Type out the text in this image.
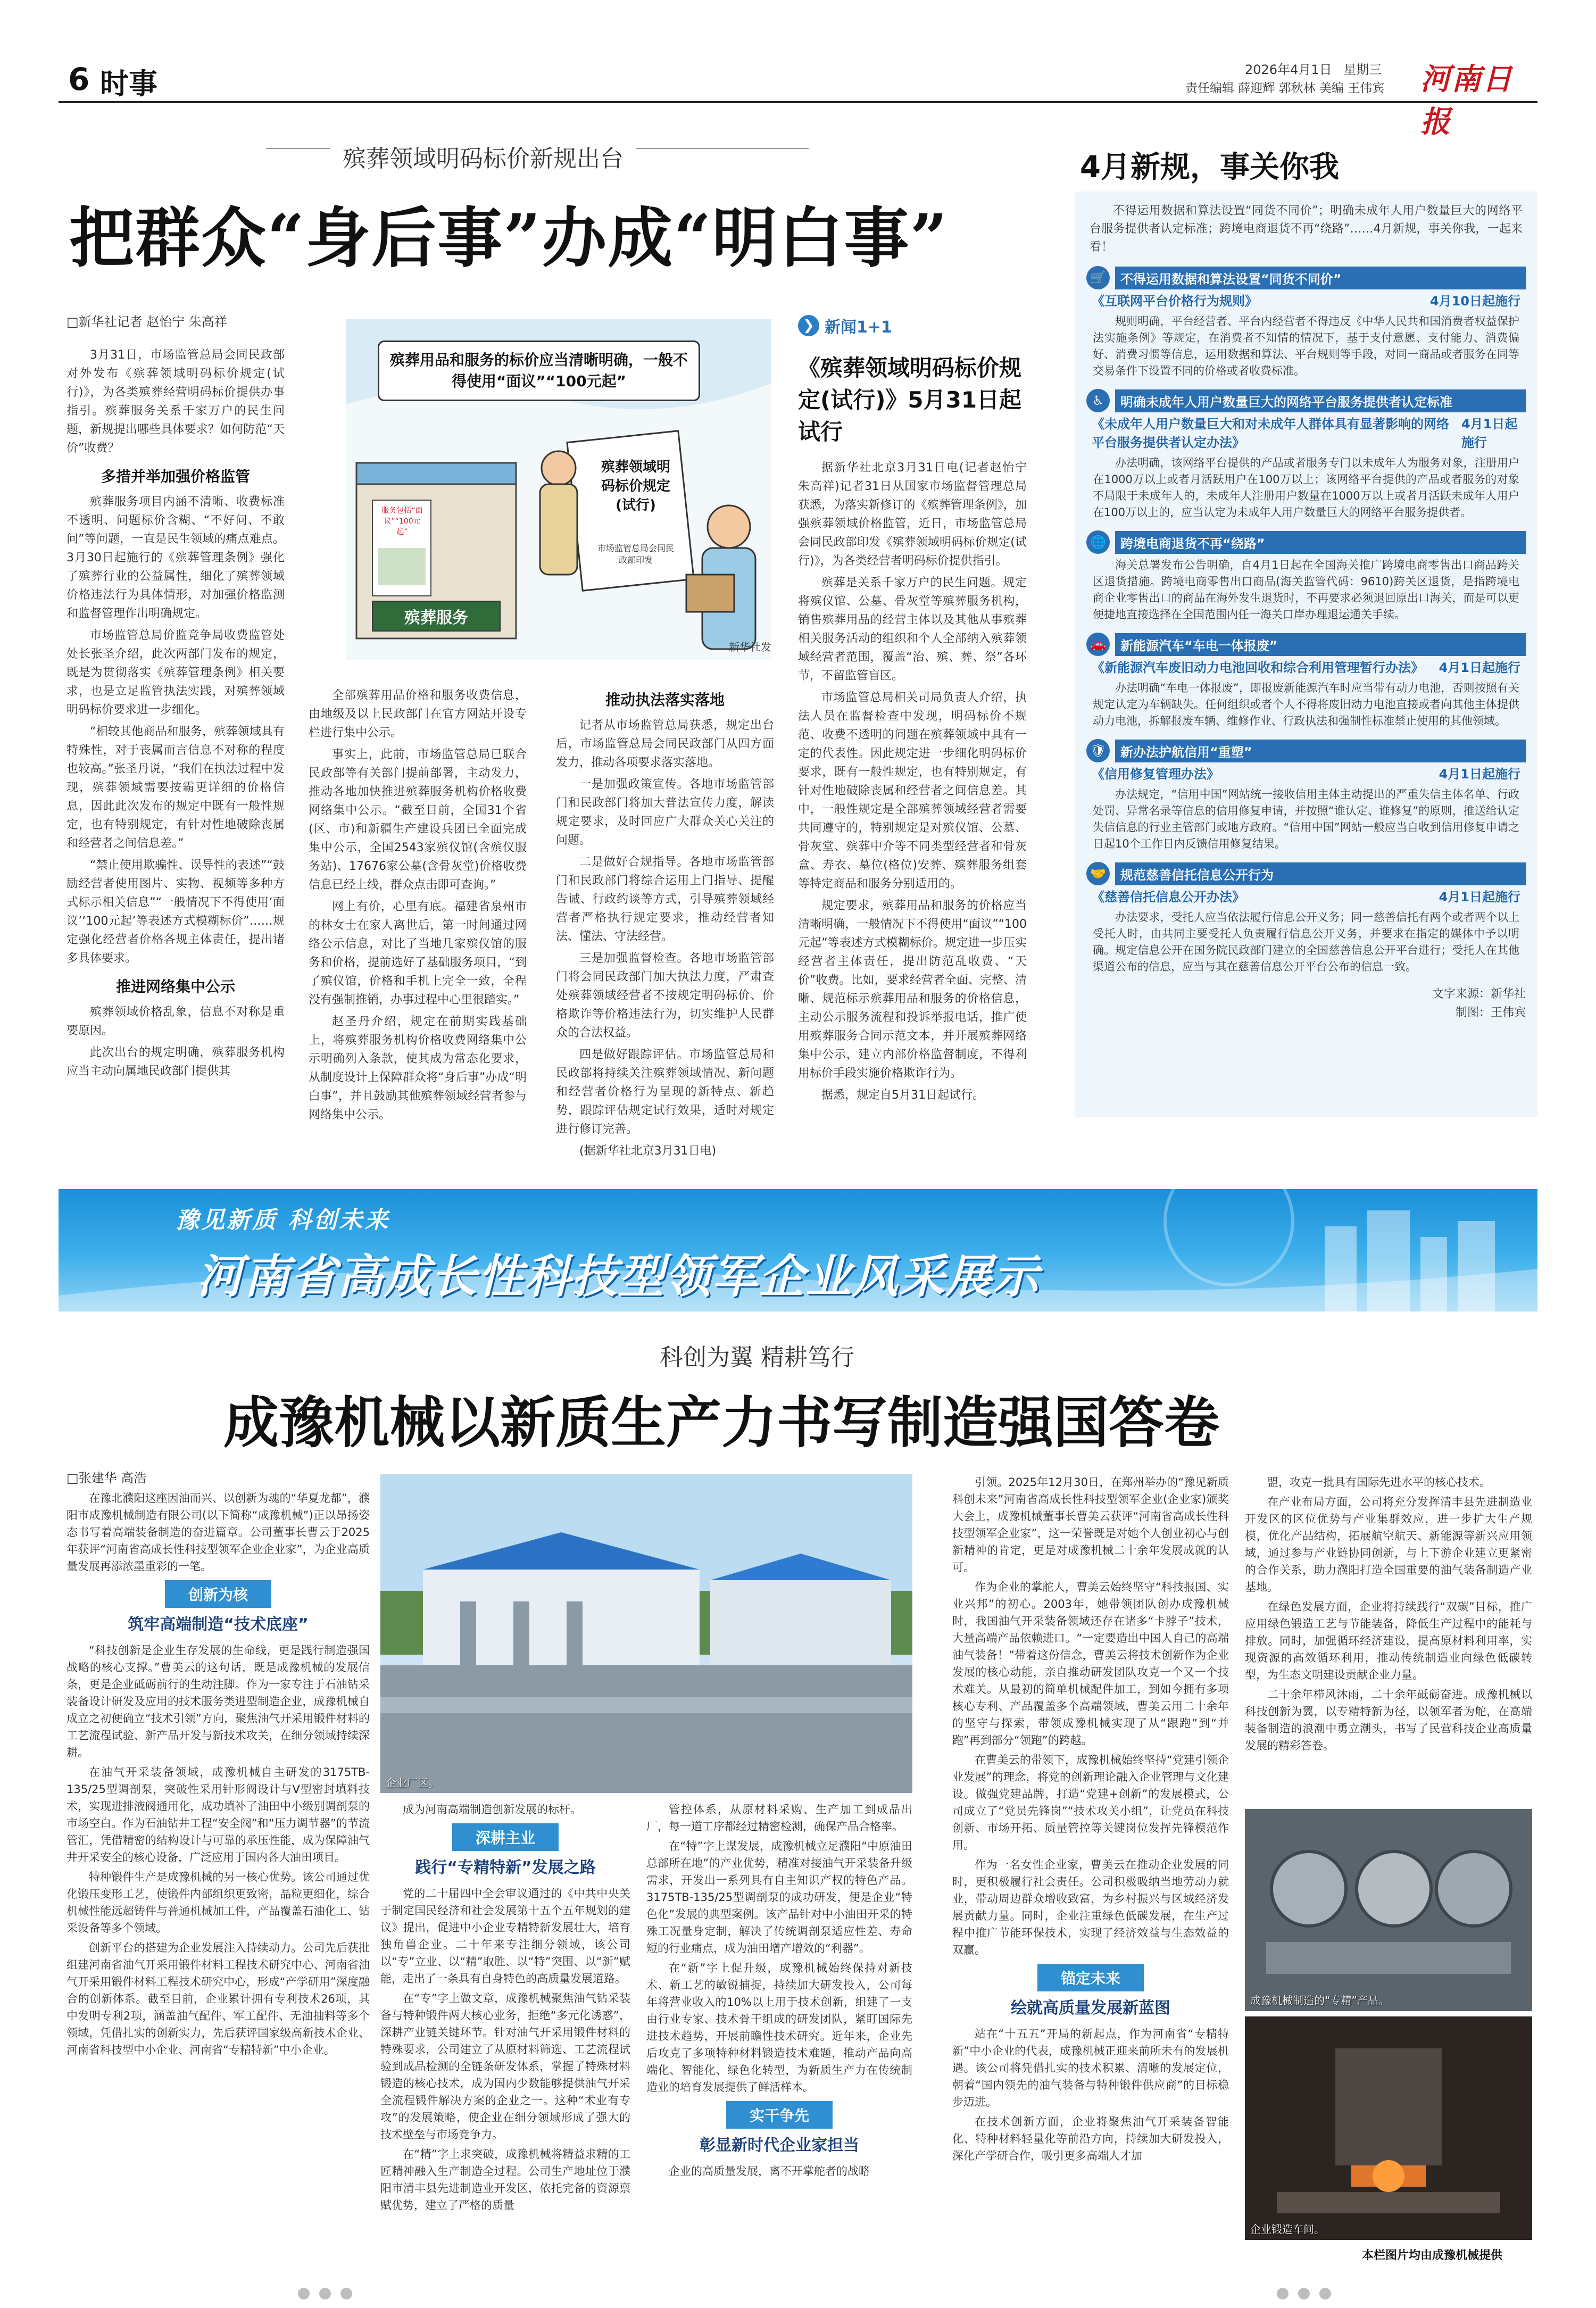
6 时事	2026年4月1日 星期三
责任编辑 薛迎辉 郭秋林 美编 王伟宾 河南日报
殡葬领域明码标价新规出台
把群众“身后事”办成“明白事”
□新华社记者 赵怡宁 朱高祥

3月31日，市场监管总局会同民政部对外发布《殡葬领域明码标价规定(试行)》，为各类殡葬经营明码标价提供办事指引。殡葬服务关系千家万户的民生问题，新规提出哪些具体要求？如何防范“天价”收费？

多措并举加强价格监管

殡葬服务项目内涵不清晰、收费标准不透明、问题标价含糊、“不好问、不敢问”等问题，一直是民生领域的痛点难点。3月30日起施行的《殡葬管理条例》强化了殡葬行业的公益属性，细化了殡葬领域价格违法行为具体情形，对加强价格监测和监督管理作出明确规定。

市场监管总局价监竞争局收费监管处处长张圣介绍，此次两部门发布的规定，既是为贯彻落实《殡葬管理条例》相关要求，也是立足监管执法实践，对殡葬领域明码标价要求进一步细化。

“相较其他商品和服务，殡葬领域具有特殊性，对于丧属而言信息不对称的程度也较高。”张圣丹说，“我们在执法过程中发现，殡葬领域需要按霸更详细的价格信息，因此此次发布的规定中既有一般性规定，也有特别规定，有针对性地破除丧属和经营者之间信息差。”

“禁止使用欺骗性、误导性的表述”“鼓励经营者使用图片、实物、视频等多种方式标示相关信息”“一般情况下不得使用‘面议’‘100元起’等表述方式模糊标价”……规定强化经营者价格各规主体责任，提出诸多具体要求。

推进网络集中公示

殡葬领域价格乱象，信息不对称是重要原因。

此次出台的规定明确，殡葬服务机构应当主动向属地民政部门提供其

全部殡葬用品价格和服务收费信息，由地级及以上民政部门在官方网站开设专栏进行集中公示。

事实上，此前，市场监管总局已联合民政部等有关部门提前部署，主动发力，推动各地加快推进殡葬服务机构价格收费网络集中公示。“截至目前，全国31个省(区、市)和新疆生产建设兵团已全面完成集中公示，全国2543家殡仪馆(含殡仪服务站)、17676家公墓(含骨灰堂)价格收费信息已经上线，群众点击即可查询。”

网上有价，心里有底。福建省泉州市的林女士在家人离世后，第一时间通过网络公示信息，对比了当地几家殡仪馆的服务和价格，提前选好了基础服务项目，“到了殡仪馆，价格和手机上完全一致，全程没有强制推销，办事过程中心里很踏实。”

赵圣丹介绍，规定在前期实践基础上，将殡葬服务机构价格收费网络集中公示明确列入条款，使其成为常态化要求，从制度设计上保障群众将“身后事”办成“明白事”，并且鼓励其他殡葬领域经营者参与网络集中公示。

推动执法落实落地

记者从市场监管总局获悉，规定出台后，市场监管总局会同民政部门从四方面发力，推动各项要求落实落地。

一是加强政策宣传。各地市场监管部门和民政部门将加大普法宣传力度，解读规定要求，及时回应广大群众关心关注的问题。

二是做好合规指导。各地市场监管部门和民政部门将综合运用上门指导、提醒告诫、行政约谈等方式，引导殡葬领域经营者严格执行规定要求，推动经营者知法、懂法、守法经营。

三是加强监督检查。各地市场监管部门将会同民政部门加大执法力度，严肃查处殡葬领域经营者不按规定明码标价、价格欺诈等价格违法行为，切实维护人民群众的合法权益。

四是做好跟踪评估。市场监管总局和民政部将持续关注殡葬领域情况、新问题和经营者价格行为呈现的新特点、新趋势，跟踪评估规定试行效果，适时对规定进行修订完善。

(据新华社北京3月31日电)

殡葬用品和服务的标价应当清晰明确，一般不得使用“面议”“100元起”
殡葬领域明码标价规定(试行)
市场监管总局会同民政部印发
殡葬服务
服务包括“面议”“100元起”
新华社发
❯ 新闻1+1
《殡葬领域明码标价规定(试行)》5月31日起试行

据新华社北京3月31日电(记者赵怡宁 朱高祥)记者31日从国家市场监督管理总局获悉，为落实新修订的《殡葬管理条例》，加强殡葬领域价格监管，近日，市场监管总局会同民政部印发《殡葬领域明码标价规定(试行)》，为各类经营者明码标价提供指引。

殡葬是关系千家万户的民生问题。规定将殡仪馆、公墓、骨灰堂等殡葬服务机构，销售殡葬用品的经营主体以及其他从事殡葬相关服务活动的组织和个人全部纳入殡葬领域经营者范围，覆盖“治、殡、葬、祭”各环节，不留监管盲区。

市场监管总局相关司局负责人介绍，执法人员在监督检查中发现，明码标价不规范、收费不透明的问题在殡葬领域中具有一定的代表性。因此规定进一步细化明码标价要求，既有一般性规定，也有特别规定，有针对性地破除丧属和经营者之间信息差。其中，一般性规定是全部殡葬领域经营者需要共同遵守的，特别规定是对殡仪馆、公墓、骨灰堂、殡葬中介等不同类型经营者和骨灰盒、寿衣、墓位(格位)安葬、殡葬服务组套等特定商品和服务分别适用的。

规定要求，殡葬用品和服务的价格应当清晰明确，一般情况下不得使用“面议”“100元起”等表述方式模糊标价。规定进一步压实经营者主体责任，提出防范乱收费、“天价”收费。比如，要求经营者全面、完整、清晰、规范标示殡葬用品和服务的价格信息，主动公示服务流程和投诉举报电话，推广使用殡葬服务合同示范文本，并开展殡葬网络集中公示，建立内部价格监督制度，不得利用标价手段实施价格欺诈行为。

据悉，规定自5月31日起试行。

4月新规，事关你我
不得运用数据和算法设置“同货不同价”；明确未成年人用户数量巨大的网络平台服务提供者认定标准；跨境电商退货不再“绕路”……4月新规，事关你我，一起来看！
🛒	不得运用数据和算法设置“同货不同价”
《互联网平台价格行为规则》	4月10日起施行
规则明确，平台经营者、平台内经营者不得违反《中华人民共和国消费者权益保护法实施条例》等规定，在消费者不知情的情况下，基于支付意愿、支付能力、消费偏好、消费习惯等信息，运用数据和算法、平台规则等手段，对同一商品或者服务在同等交易条件下设置不同的价格或者收费标准。
♿	明确未成年人用户数量巨大的网络平台服务提供者认定标准
《未成年人用户数量巨大和对未成年人群体具有显著影响的网络平台服务提供者认定办法》
4月1日起施行
办法明确，该网络平台提供的产品或者服务专门以未成年人为服务对象，注册用户在1000万以上或者月活跃用户在100万以上；该网络平台提供的产品或者服务的对象不局限于未成年人的，未成年人注册用户数量在1000万以上或者月活跃未成年人用户在100万以上的，应当认定为未成年人用户数量巨大的网络平台服务提供者。
🌐	跨境电商退货不再“绕路”
海关总署发布公告明确，自4月1日起在全国海关推广跨境电商零售出口商品跨关区退货措施。跨境电商零售出口商品(海关监管代码：9610)跨关区退货，是指跨境电商企业零售出口的商品在海外发生退货时，不再要求必须退回原出口海关，而是可以更便捷地直接选择在全国范围内任一海关口岸办理退运通关手续。
🚗	新能源汽车“车电一体报废”
《新能源汽车废旧动力电池回收和综合利用管理暂行办法》 4月1日起施行
办法明确“车电一体报废”，即报废新能源汽车时应当带有动力电池，否则按照有关规定认定为车辆缺失。任何组织或者个人不得将废旧动力电池直接或者向其他主体提供动力电池，拆解报废车辆、维修作业、行政执法和强制性标准禁止使用的其他领域。
🛡	新办法护航信用“重塑”
《信用修复管理办法》	4月1日起施行
办法规定，“信用中国”网站统一接收信用主体主动提出的严重失信主体名单、行政处罚、异常名录等信息的信用修复申请，并按照“谁认定、谁修复”的原则，推送给认定失信信息的行业主管部门或地方政府。“信用中国”网站一般应当自收到信用修复申请之日起10个工作日内反馈信用修复结果。
🤝	规范慈善信托信息公开行为
《慈善信托信息公开办法》	4月1日起施行
办法要求，受托人应当依法履行信息公开义务；同一慈善信托有两个或者两个以上受托人时，由共同主要受托人负责履行信息公开义务，并要求在指定的媒体中予以明确。规定信息公开在国务院民政部门建立的全国慈善信息公开平台进行；受托人在其他渠道公布的信息，应当与其在慈善信息公开平台公布的信息一致。
文字来源：新华社
制图：王伟宾
豫见新质 科创未来
河南省高成长性科技型领军企业风采展示
科创为翼 精耕笃行
成豫机械以新质生产力书写制造强国答卷
□张建华 高浩

在豫北濮阳这座因油而兴、以创新为魂的“华夏龙都”，濮阳市成豫机械制造有限公司(以下简称“成豫机械”)正以昂扬姿态书写着高端装备制造的奋进篇章。公司董事长曹云于2025年获评“河南省高成长性科技型领军企业企业家”，为企业高质量发展再添浓墨重彩的一笔。

创新为核
筑牢高端制造“技术底座”

“科技创新是企业生存发展的生命线，更是践行制造强国战略的核心支撑。”曹美云的这句话，既是成豫机械的发展信条，更是企业砥砺前行的生动注脚。作为一家专注于石油钻采装备设计研发及应用的技术服务类进型制造企业，成豫机械自成立之初便确立“技术引领”方向，聚焦油气开采用锻件材料的工艺流程试验、新产品开发与新技术攻关，在细分领域持续深耕。

在油气开采装备领域，成豫机械自主研发的3175TB-135/25型调剖泵，突破性采用针形阀设计与V型密封填料技术，实现进排液阀通用化，成功填补了油田中小级别调剖泵的市场空白。作为石油钻井工程“安全阀”和“压力调节器”的节流管汇，凭借精密的结构设计与可靠的承压性能，成为保障油气井开采安全的核心设备，广泛应用于国内各大油田项目。

特种锻件生产是成豫机械的另一核心优势。该公司通过优化锻压变形工艺，使锻件内部组织更致密，晶粒更细化，综合机械性能远超铸件与普通机械加工件，产品覆盖石油化工、钻采设备等多个领域。

创新平台的搭建为企业发展注入持续动力。公司先后获批组建河南省油气开采用锻件材料工程技术研究中心、河南省油气开采用锻件材料工程技术研究中心，形成“产学研用”深度融合的创新体系。截至目前，企业累计拥有专利技术26项，其中发明专利2项，涵盖油气配件、军工配件、无油抽料等多个领域，凭借扎实的创新实力，先后获评国家级高新技术企业、河南省科技型中小企业、河南省“专精特新”中小企业。

企业厂区。

成为河南高端制造创新发展的标杆。

深耕主业
践行“专精特新”发展之路

党的二十届四中全会审议通过的《中共中央关于制定国民经济和社会发展第十五个五年规划的建议》提出，促进中小企业专精特新发展壮大，培育独角兽企业。二十年来专注细分领域，该公司以“专”立业、以“精”取胜、以“特”突围、以“新”赋能，走出了一条具有自身特色的高质量发展道路。

在“专”字上做文章，成豫机械聚焦油气钻采装备与特种锻件两大核心业务，拒绝“多元化诱惑”，深耕产业链关键环节。针对油气开采用锻件材料的特殊要求，公司建立了从原材料筛选、工艺流程试验到成品检测的全链条研发体系，掌握了特殊材料锻造的核心技术，成为国内少数能够提供油气开采全流程锻件解决方案的企业之一。这种“术业有专攻”的发展策略，使企业在细分领域形成了强大的技术壁垒与市场竞争力。

在“精”字上求突破，成豫机械将精益求精的工匠精神融入生产制造全过程。公司生产地址位于濮阳市清丰县先进制造业开发区，依托完备的资源禀赋优势，建立了严格的质量

管控体系，从原材料采购、生产加工到成品出厂，每一道工序都经过精密检测，确保产品合格率。

在“特”字上谋发展，成豫机械立足濮阳“中原油田总部所在地”的产业优势，精准对接油气开采装备升级需求，开发出一系列具有自主知识产权的特色产品。3175TB-135/25型调剖泵的成功研发，便是企业“特色化”发展的典型案例。该产品针对中小油田开采的特殊工况量身定制，解决了传统调剖泵适应性差、寿命短的行业痛点，成为油田增产增效的“利器”。

在“新”字上促升级，成豫机械始终保持对新技术、新工艺的敏锐捕捉，持续加大研发投入，公司每年将营业收入的10%以上用于技术创新，组建了一支由行业专家、技术骨干组成的研发团队，紧盯国际先进技术趋势，开展前瞻性技术研究。近年来，企业先后攻克了多项特种材料锻造技术难题，推动产品向高端化、智能化、绿色化转型，为新质生产力在传统制造业的培育发展提供了鲜活样本。

实干争先
彰显新时代企业家担当

企业的高质量发展，离不开掌舵者的战略

引领。2025年12月30日，在郑州举办的“豫见新质 科创未来”河南省高成长性科技型领军企业(企业家)颁奖大会上，成豫机械董事长曹美云获评“河南省高成长性科技型领军企业家”，这一荣誉既是对她个人创业初心与创新精神的肯定，更是对成豫机械二十余年发展成就的认可。

作为企业的掌舵人，曹美云始终坚守“科技报国、实业兴邦”的初心。2003年，她带领团队创办成豫机械时，我国油气开采装备领域还存在诸多“卡脖子”技术，大量高端产品依赖进口。“一定要造出中国人自己的高端油气装备！”带着这份信念，曹美云将技术创新作为企业发展的核心动能，亲自推动研发团队攻克一个又一个技术难关。从最初的简单机械配件加工，到如今拥有多项核心专利、产品覆盖多个高端领域，曹美云用二十余年的坚守与探索，带领成豫机械实现了从“跟跑”到“并跑”再到部分“领跑”的跨越。

在曹美云的带领下，成豫机械始终坚持“党建引领企业发展”的理念，将党的创新理论融入企业管理与文化建设。做强党建品牌，打造“党建+创新”的发展模式，公司成立了“党员先锋岗”“技术攻关小组”，让党员在科技创新、市场开拓、质量管控等关键岗位发挥先锋模范作用。

作为一名女性企业家，曹美云在推动企业发展的同时，更积极履行社会责任。公司积极吸纳当地劳动力就业，带动周边群众增收致富，为乡村振兴与区域经济发展贡献力量。同时，企业注重绿色低碳发展，在生产过程中推广节能环保技术，实现了经济效益与生态效益的双赢。

锚定未来
绘就高质量发展新蓝图

站在“十五五”开局的新起点，作为河南省“专精特新”中小企业的代表，成豫机械正迎来前所未有的发展机遇。该公司将凭借扎实的技术积累、清晰的发展定位，朝着“国内领先的油气装备与特种锻件供应商”的目标稳步迈进。

在技术创新方面，企业将聚焦油气开采装备智能化、特种材料轻量化等前沿方向，持续加大研发投入，深化产学研合作，吸引更多高端人才加

盟，攻克一批具有国际先进水平的核心技术。

在产业布局方面，公司将充分发挥清丰县先进制造业开发区的区位优势与产业集群效应，进一步扩大生产规模，优化产品结构，拓展航空航天、新能源等新兴应用领域，通过参与产业链协同创新，与上下游企业建立更紧密的合作关系，助力濮阳打造全国重要的油气装备制造产业基地。

在绿色发展方面，企业将持续践行“双碳”目标，推广应用绿色锻造工艺与节能装备，降低生产过程中的能耗与排放。同时，加强循环经济建设，提高原材料利用率，实现资源的高效循环利用，推动传统制造业向绿色低碳转型，为生态文明建设贡献企业力量。

二十余年栉风沐雨，二十余年砥砺奋进。成豫机械以科技创新为翼，以专精特新为径，以领军者为舵，在高端装备制造的浪潮中勇立潮头，书写了民营科技企业高质量发展的精彩答卷。

成豫机械制造的“专精”产品。
企业锻造车间。
本栏图片均由成豫机械提供
